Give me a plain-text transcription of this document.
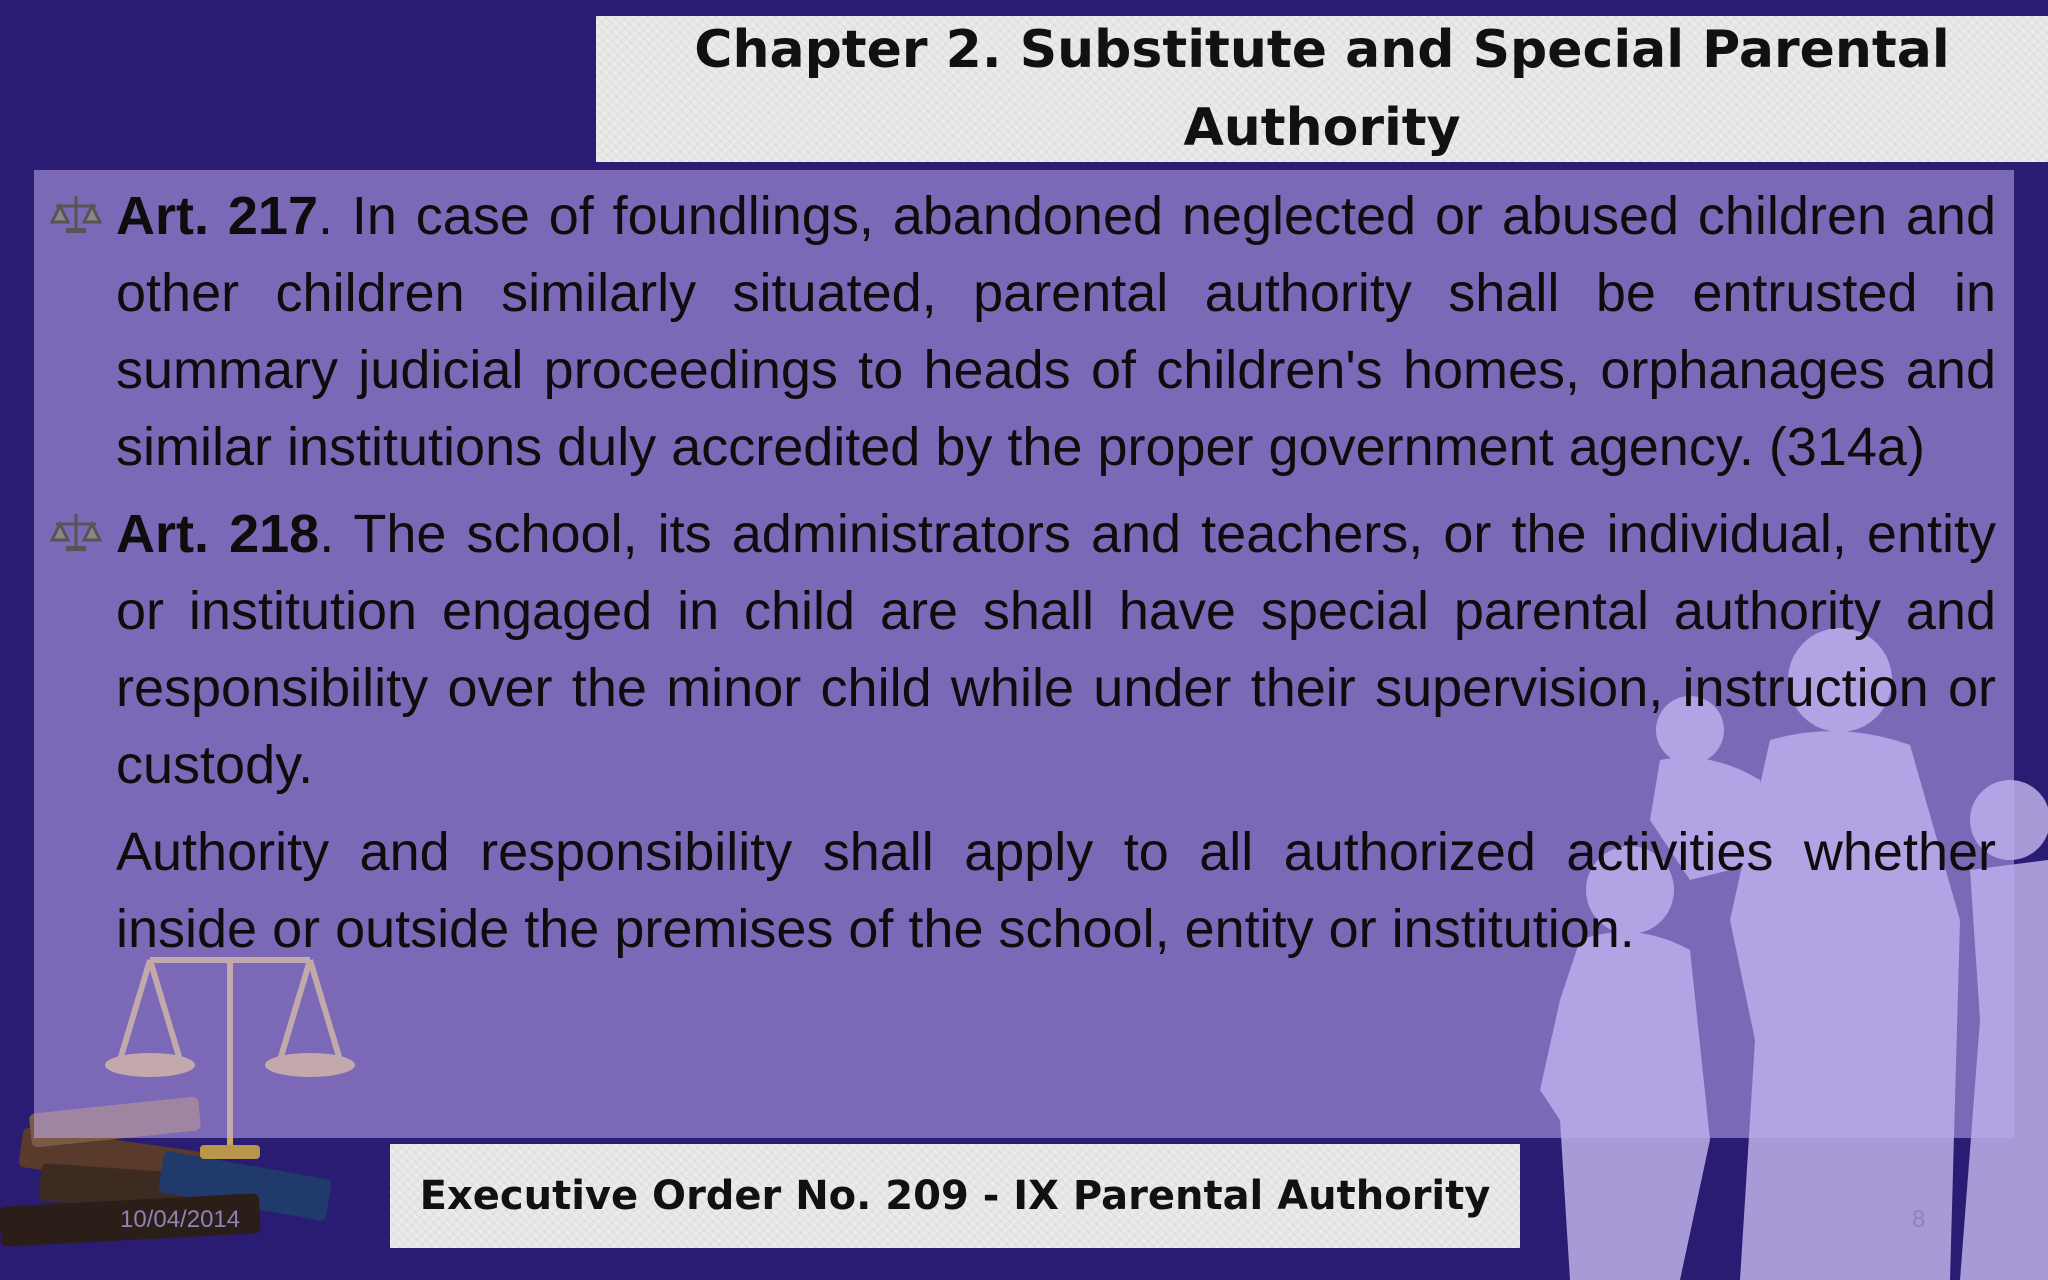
Chapter 2. Substitute and Special Parental Authority

Art. 217. In case of foundlings, abandoned neglected or abused children and other children similarly situated, parental authority shall be entrusted in summary judicial proceedings to heads of children's homes, orphanages and similar institutions duly accredited by the proper government agency. (314a)

Art. 218. The school, its administrators and teachers, or the individual, entity or institution engaged in child are shall have special parental authority and responsibility over the minor child while under their supervision, instruction or custody.

Authority and responsibility shall apply to all authorized activities whether inside or outside the premises of the school, entity or institution.

Executive Order No. 209 - IX Parental Authority
10/04/2014	8
